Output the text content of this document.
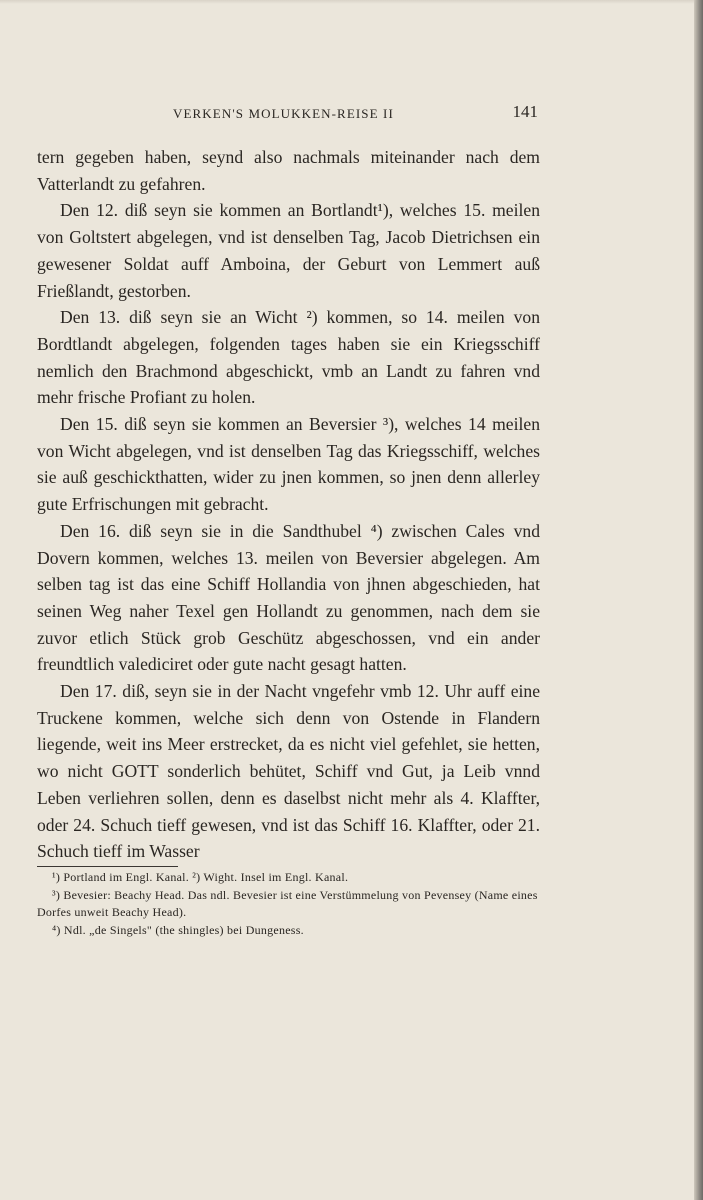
VERKEN'S MOLUKKEN-REISE II	141

tern gegeben haben, seynd also nachmals miteinander nach dem Vatterlandt zu gefahren.

Den 12. diß seyn sie kommen an Bortlandt¹), welches 15. meilen von Goltstert abgelegen, vnd ist denselben Tag, Jacob Dietrichsen ein gewesener Soldat auff Amboina, der Geburt von Lemmert auß Frießlandt, gestorben.

Den 13. diß seyn sie an Wicht ²) kommen, so 14. meilen von Bordtlandt abgelegen, folgenden tages haben sie ein Kriegsschiff nemlich den Brachmond abgeschickt, vmb an Landt zu fahren vnd mehr frische Profiant zu holen.

Den 15. diß seyn sie kommen an Beversier ³), welches 14 meilen von Wicht abgelegen, vnd ist denselben Tag das Kriegsschiff, welches sie auß geschickthatten, wider zu jnen kommen, so jnen denn allerley gute Erfrischungen mit gebracht.

Den 16. diß seyn sie in die Sandthubel ⁴) zwischen Cales vnd Dovern kommen, welches 13. meilen von Beversier abgelegen. Am selben tag ist das eine Schiff Hollandia von jhnen abgeschieden, hat seinen Weg naher Texel gen Hollandt zu genommen, nach dem sie zuvor etlich Stück grob Geschütz abgeschossen, vnd ein ander freundtlich valediciret oder gute nacht gesagt hatten.

Den 17. diß, seyn sie in der Nacht vngefehr vmb 12. Uhr auff eine Truckene kommen, welche sich denn von Ostende in Flandern liegende, weit ins Meer erstrecket, da es nicht viel gefehlet, sie hetten, wo nicht GOTT sonderlich behütet, Schiff vnd Gut, ja Leib vnnd Leben verliehren sollen, denn es daselbst nicht mehr als 4. Klaffter, oder 24. Schuch tieff gewesen, vnd ist das Schiff 16. Klaffter, oder 21. Schuch tieff im Wasser

¹) Portland im Engl. Kanal. ²) Wight. Insel im Engl. Kanal.
³) Bevesier: Beachy Head. Das ndl. Bevesier ist eine Verstümmelung von Pevensey (Name eines Dorfes unweit Beachy Head).
⁴) Ndl. „de Singels" (the shingles) bei Dungeness.
